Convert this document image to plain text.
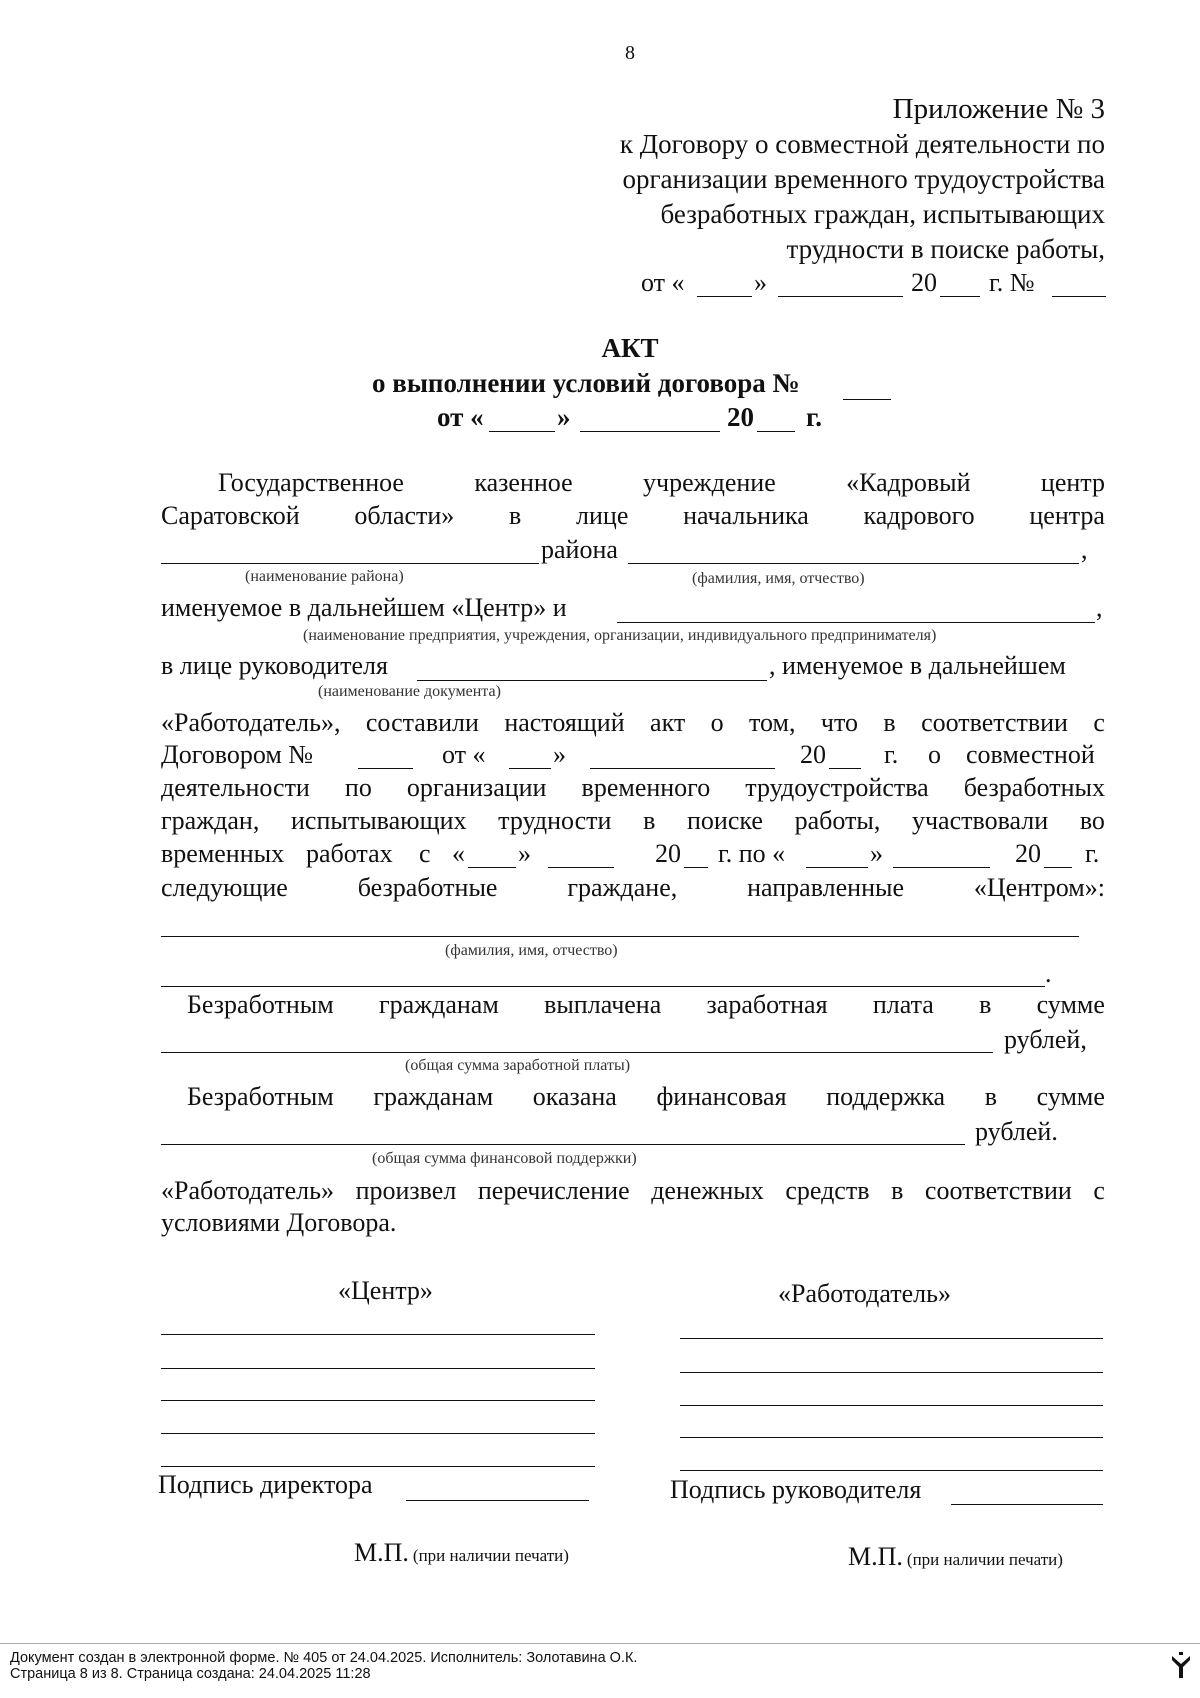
8
Приложение № 3
к Договору о совместной деятельности по
организации временного трудоустройства
безработных граждан, испытывающих
трудности в поиске работы,
от «	»	20 г. №
АКТ
о выполнении условий договора №
от «	»	20 г.
Государственное	казенное	учреждение	«Кадровый	центр
Саратовской области» в лице начальника кадрового центра
района	,
(наименование района)	(фамилия, имя, отчество)
именуемое в дальнейшем «Центр» и	,
(наименование предприятия, учреждения, организации, индивидуального предпринимателя)
в лице руководителя	, именуемое в дальнейшем
(наименование документа)
«Работодатель», составили настоящий акт о том, что в соответствии с
Договором №	от «	»	20 г. о совместной
деятельности по организации временного трудоустройства безработных
граждан, испытывающих трудности в поиске работы, участвовали во
временных работах с « »	20 г. по «	»	20 г.
следующие	безработные	граждане,	направленные	«Центром»:
(фамилия, имя, отчество)
.
Безработным гражданам выплачена заработная плата в сумме
рублей,
(общая сумма заработной платы)
Безработным гражданам оказана финансовая поддержка в сумме
рублей.
(общая сумма финансовой поддержки)
«Работодатель» произвел перечисление денежных средств в соответствии с
условиями Договора.
«Центр»	«Работодатель»
Подпись директора	Подпись руководителя
М.П. (при наличии печати)	М.П. (при наличии печати)
Документ создан в электронной форме. № 405 от 24.04.2025. Исполнитель: Золотавина О.К.
Страница 8 из 8. Страница создана: 24.04.2025 11:28
